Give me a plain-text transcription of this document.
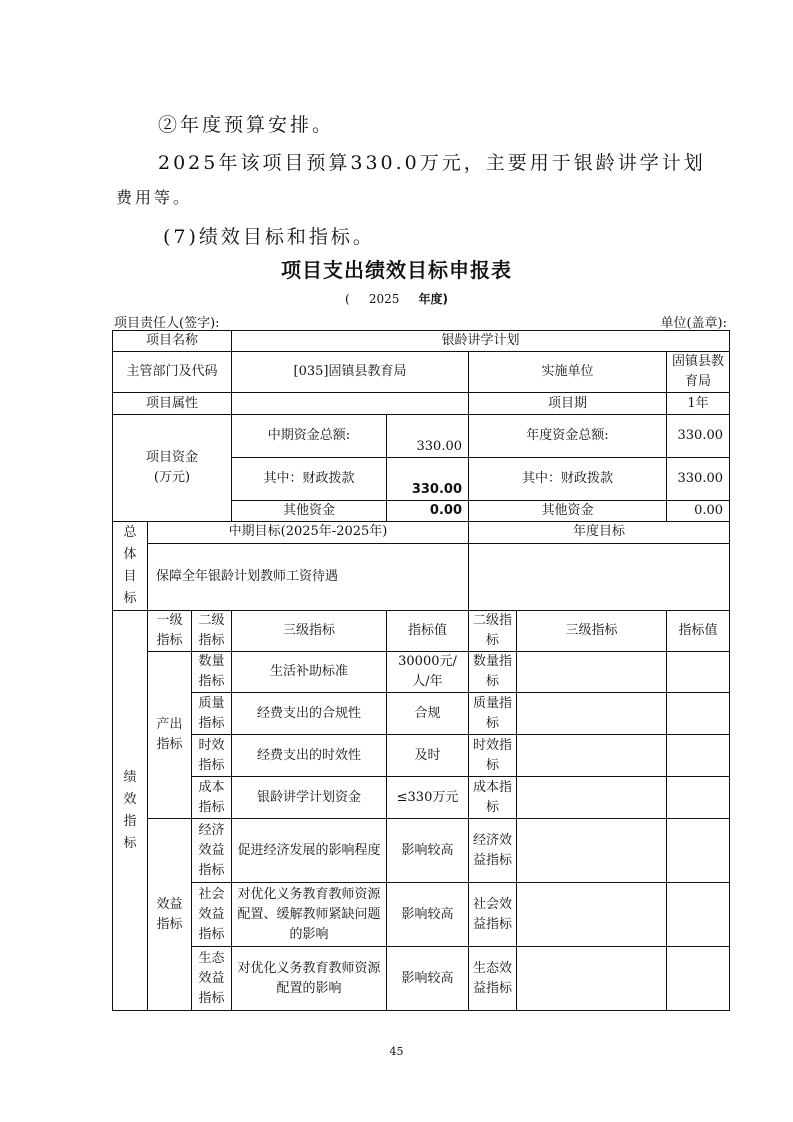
②年度预算安排。
2025年该项目预算330.0万元，主要用于银龄讲学计划
费用等。
(7)绩效目标和指标。
项目支出绩效目标申报表
( 2025 年度)
项目责任人(签字):	单位(盖章):
项目名称			银龄讲学计划				
主管部门及代码			[035]固镇县教育局		实施单位		固镇县教育局
项目属性					项目期		1年

项目资金
(万元)			中期资金总额:	330.00	年度资金总额:		330.00
			其中：财政拨款	330.00	其中：财政拨款		330.00
			其他资金	0.00	其他资金		0.00

总
体
目
标	中期目标(2025年-2025年)				年度目标		
	保障全年银龄计划教师工资待遇						

绩
效
指
标	一级指标	二级指标	三级指标	指标值	二级指标	三级指标	指标值
	产出指标	数量指标	生活补助标准	30000元/人/年	数量指标		
		质量指标	经费支出的合规性	合规	质量指标		
		时效指标	经费支出的时效性	及时	时效指标		
		成本指标	银龄讲学计划资金	≤330万元	成本指标		
	效益指标	经济效益指标	促进经济发展的影响程度	影响较高	经济效益指标		
		社会效益指标	对优化义务教育教师资源配置、缓解教师紧缺问题的影响	影响较高	社会效益指标		
		生态效益指标	对优化义务教育教师资源配置的影响	影响较高	生态效益指标		
45
